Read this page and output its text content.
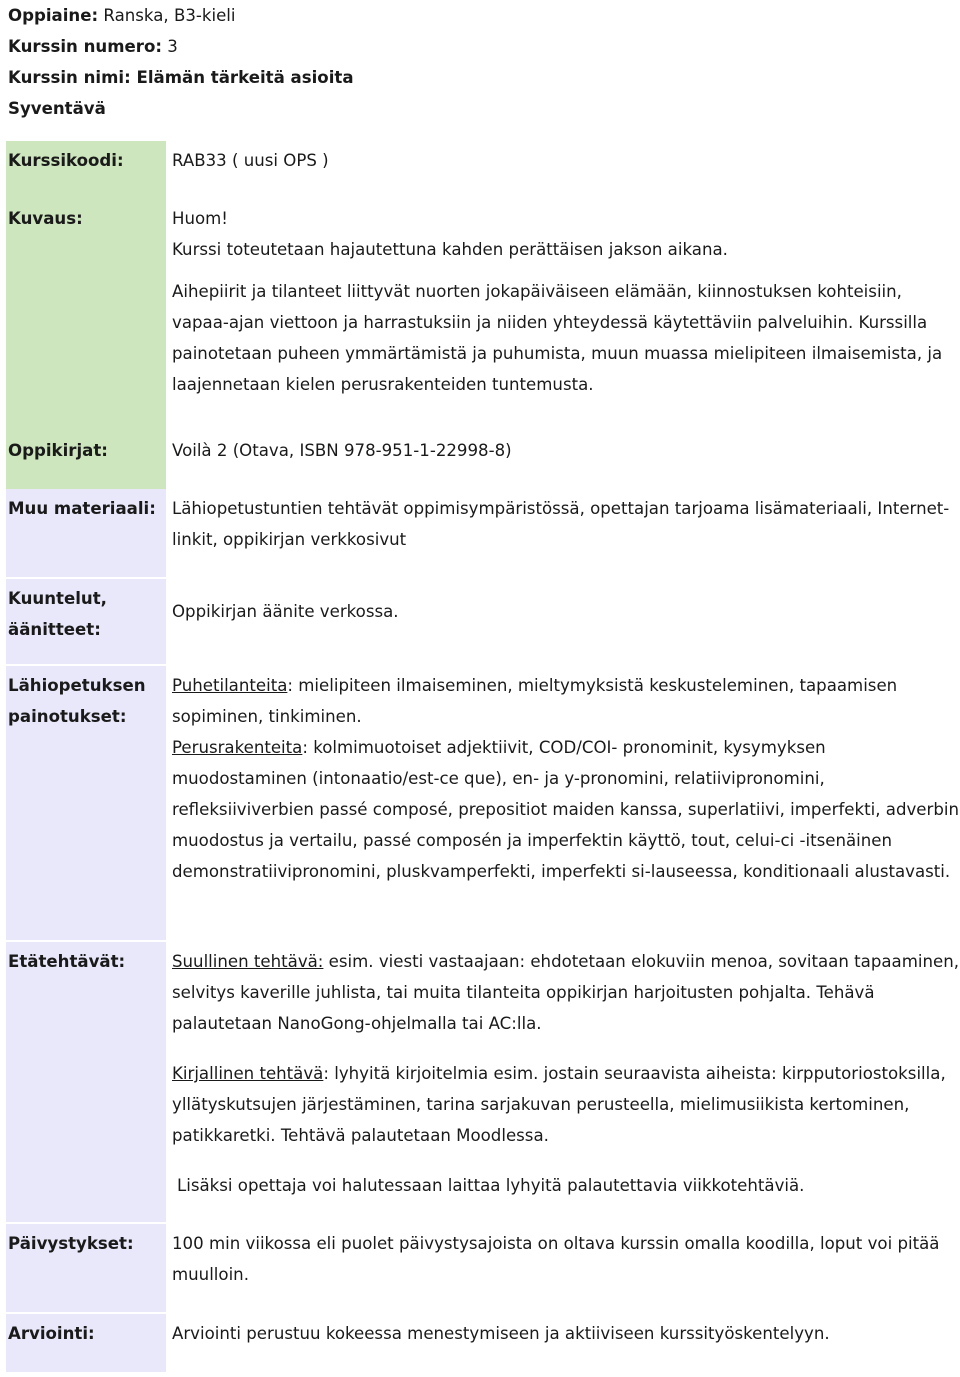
Oppiaine: Ranska, B3-kieli
Kurssin numero: 3
Kurssin nimi: Elämän tärkeitä asioita
Syventävä
Kurssikoodi:	RAB33 ( uusi OPS )
Kuvaus:	Huom!

Kurssi toteutetaan hajautettuna kahden perättäisen jakson aikana.

Aihepiirit ja tilanteet liittyvät nuorten jokapäiväiseen elämään, kiinnostuksen kohteisiin, vapaa-ajan viettoon ja harrastuksiin ja niiden yhteydessä käytettäviin palveluihin. Kurssilla painotetaan puheen ymmärtämistä ja puhumista, muun muassa mielipiteen ilmaisemista, ja laajennetaan kielen perusrakenteiden tuntemusta.

Oppikirjat:	Voilà 2 (Otava, ISBN 978-951-1-22998-8)
Muu materiaali: Lähiopetustuntien tehtävät oppimisympäristössä, opettajan tarjoama lisämateriaali, Internet-linkit, oppikirjan verkkosivut
Kuuntelut, äänitteet:
Oppikirjan äänite verkossa.
Lähiopetuksen painotukset:

Puhetilanteita: mielipiteen ilmaiseminen, mieltymyksistä keskusteleminen, tapaamisen sopiminen, tinkiminen.

Perusrakenteita: kolmimuotoiset adjektiivit, COD/COI- pronominit, kysymyksen muodostaminen (intonaatio/est-ce que), en- ja y-pronomini, relatiivipronomini, refleksiiviverbien passé composé, prepositiot maiden kanssa, superlatiivi, imperfekti, adverbin muodostus ja vertailu, passé composén ja imperfektin käyttö, tout, celui-ci -itsenäinen demonstratiivipronomini, pluskvamperfekti, imperfekti si-lauseessa, konditionaali alustavasti.

Etätehtävät:	Suullinen tehtävä: esim. viesti vastaajaan: ehdotetaan elokuviin menoa, sovitaan tapaaminen, selvitys kaverille juhlista, tai muita tilanteita oppikirjan harjoitusten pohjalta. Tehävä palautetaan NanoGong-ohjelmalla tai AC:lla.

Kirjallinen tehtävä: lyhyitä kirjoitelmia esim. jostain seuraavista aiheista: kirpputoriostoksilla, yllätyskutsujen järjestäminen, tarina sarjakuvan perusteella, mielimusiikista kertominen, patikkaretki. Tehtävä palautetaan Moodlessa.

Lisäksi opettaja voi halutessaan laittaa lyhyitä palautettavia viikkotehtäviä.

Päivystykset:	100 min viikossa eli puolet päivystysajoista on oltava kurssin omalla koodilla, loput voi pitää muulloin.
Arviointi:	Arviointi perustuu kokeessa menestymiseen ja aktiiviseen kurssityöskentelyyn.
